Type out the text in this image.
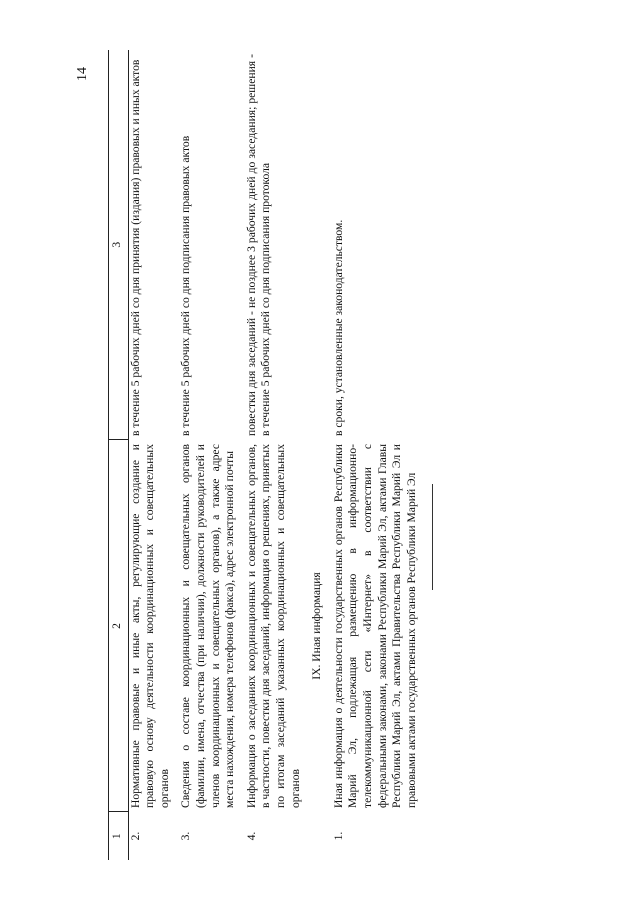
14
1	2	3
2.	Нормативные правовые и иные акты, регулирующие создание и правовую основу деятельности координационных и совещательных органов	в течение 5 рабочих дней со дня принятия (издания) правовых и иных актов
3.	Сведения о составе координационных и совещательных органов (фамилии, имена, отчества (при наличии), должности руководителей и членов координационных и совещательных органов), а также адрес места нахождения, номера телефонов (факса), адрес электронной почты	в течение 5 рабочих дней со дня подписания правовых актов
4.	Информация о заседаниях координационных и совещательных органов, в частности, повестки дня заседаний, информация о решениях, принятых по итогам заседаний указанных координационных и совещательных органов	повестки дня заседаний - не позднее 3 рабочих дней до заседания; решения - в течение 5 рабочих дней со дня подписания протокола
	IX. Иная информация	
1.	Иная информация о деятельности государственных органов Республики Марий Эл, подлежащая размещению в информационно-телекоммуникационной сети «Интернет» в соответствии с федеральными законами, законами Республики Марий Эл, актами Главы Республики Марий Эл, актами Правительства Республики Марий Эл и правовыми актами государственных органов Республики Марий Эл	в сроки, установленные законодательством.
